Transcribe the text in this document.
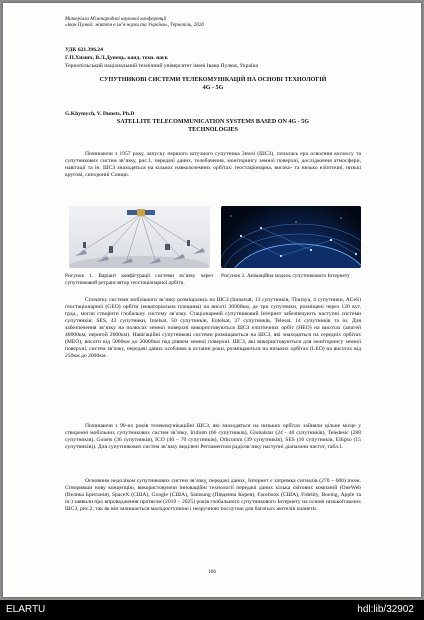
Матеріали Міжнародної наукової конференції
«Іван Пулюй: життя в ім’я науки та України», Тернопіль, 2020
УДК 621.396.24
Г.П.Химич, В.Л.Дунець, канд. техн. наук
Тернопільський національний технічний університет імені Івана Пулюя, Україна
СУПУТНИКОВІ СИСТЕМИ ТЕЛЕКОМУНІКАЦІЙ НА ОСНОВІ ТЕХНОЛОГІЙ
4G - 5G
G.Khymych, V. Dunets, Ph.D
SATELLITE TELECOMMUNICATION SYSTEMS BASED ON 4G - 5G
TECHNOLOGIES
Починаючи з 1957 року, запуску першого штучного супутника Землі (ШСЗ), почалась ера освоєння космосу та супутникових систем зв’язку, рис.1, передачі даних, телебачення, моніторингу земної поверхні, дослідження атмосфери, навігації та ін. ШСЗ знаходяться на кількох навколоземних орбітах: геостаціонарна, високо- та низько еліптичні, низькі кругові, синхронні Сонцю.
Рисунок 1. Варіант конфігурації системи зв’язку через супутниковий ретранслятор геостаціонарної орбіти.
Рисунок 2. Анімаційна модель супутникового Інтернету
Спочатку системи мобільного зв’язку розміщались на ШСЗ (Inmarsat, 13 супутників, Thuraya, 4 супутники, ACeS) геостаціонарної (GEO) орбіти (екваторіальна площина) на висоті 36000км, де три супутники, розміщені через 120 кут. град., могли створити глобальну систему зв’язку. Стаціонарний супутниковий Інтернет забезпечують наступні системи супутників: SES, 43 супутники, Intelsat, 50 супутників, Eutelsat, 37 супутників, Telesat, 14 супутників та ін. Для забезпечення зв’язку на полюсах земної поверхні використовуються ШСЗ еліптичних орбіт (HEO) на висотах (апогей 40000км, перигей 2000км). Навігаційні супутникові системи розміщаються на ШСЗ, які знаходяться на середніх орбітах (MEO), висоти від 5000км до 20000км над рівнем земної поверхні. ШСЗ, які використовуються для моніторингу земної поверхні, систем зв’язку, передачі даних особливо в останні роки, розміщаються на низьких орбітах (LEO) на висотах від 250км до 2000км.
Починаючи з 90-их років телекомунікаційні ШСЗ, які знаходяться на низьких орбітах зайняли цільне місце у створенні мобільних супутникових систем зв’язку, Iridium (66 супутників), Globalstar (24 - 48 супутників), Teledesic (288 супутників), Gonets (36 супутників), ICO (40 – 70 супутників), Orbcomm (39 супутників), SES (16 супутників, Ellipso (15 супутників)). Для супутникових систем зв’язку виділені Регламентом радіозв’язку наступні діапазони частот, табл.1.
Основним недоліком супутникових систем зв’язку, передачі даних, Інтернет є затримка сигналів (270 – 600) mсек. Створивши нову концепцію, використовуючи інноваційні технології передачі даних кілька світових компаній (OneWeb (Велика Британія), SpaceX (США), Google (США), Samsung (Південна Корея), Facebook (США), Fidelity, Boeing, Apple та ін.) заявили про впровадження протягом (2019 – 2025) років глобального супутникового Інтернету на основі низькоїтаючих ШСЗ, рис.2, так як він залишається малодоступною і незручною послугою для багатьох жителів планети.
106
ELARTU	hdl:lib/32902
